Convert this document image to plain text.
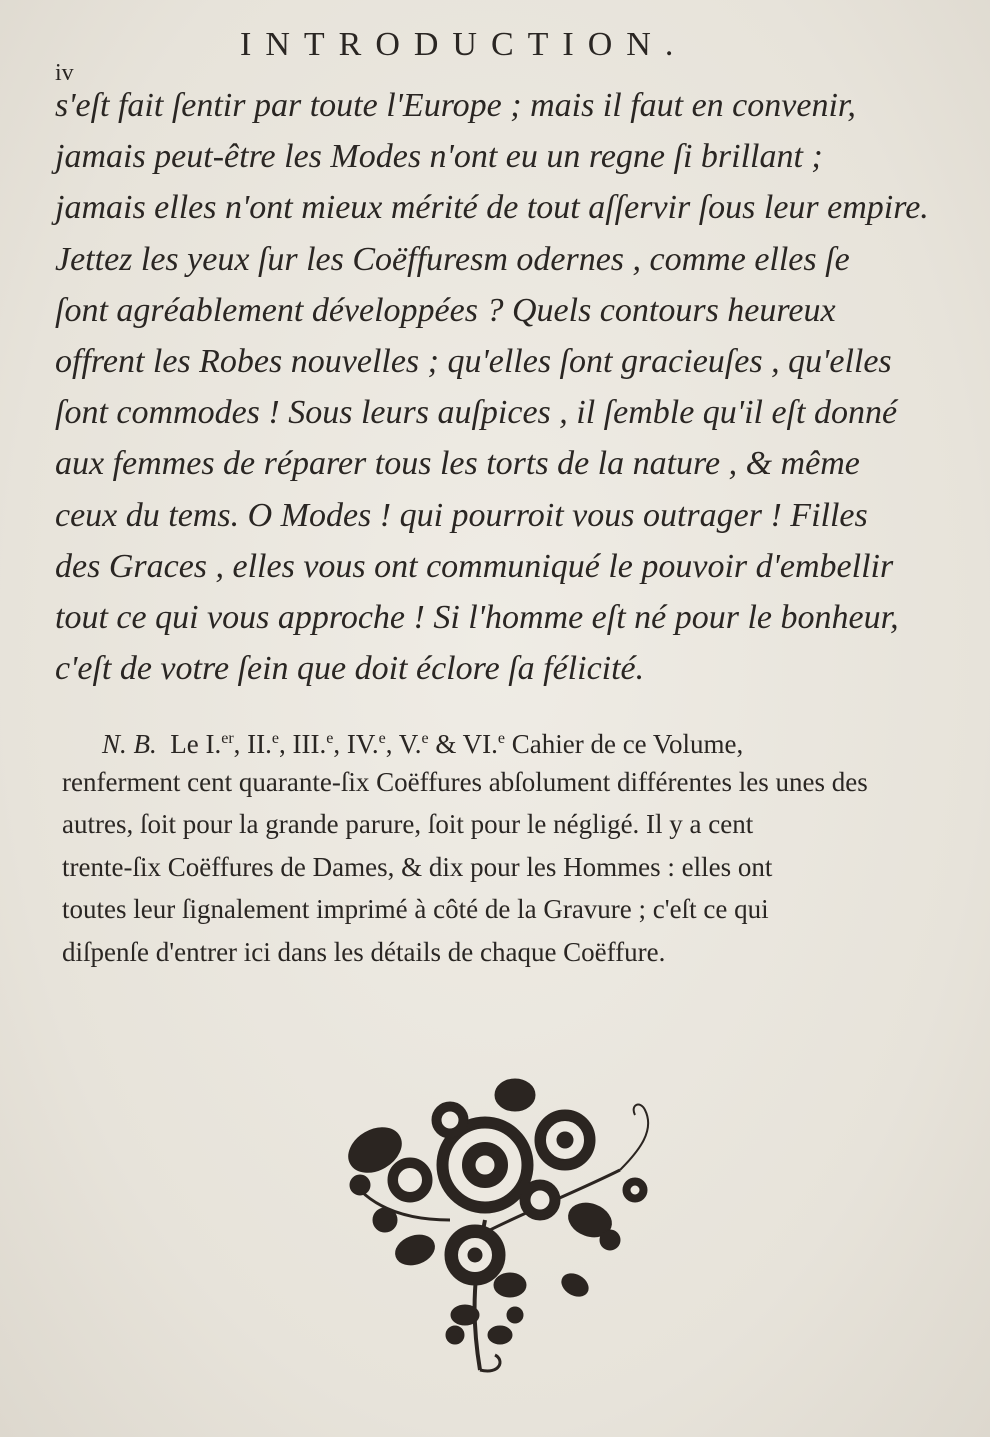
iv
INTRODUCTION.
s'eſt fait ſentir par toute l'Europe ; mais il faut en convenir,
jamais peut-être les Modes n'ont eu un regne ſi brillant ;
jamais elles n'ont mieux mérité de tout aſſervir ſous leur empire.
Jettez les yeux ſur les Coëffuresm odernes , comme elles ſe
ſont agréablement développées ? Quels contours heureux
offrent les Robes nouvelles ; qu'elles ſont gracieuſes , qu'elles
ſont commodes ! Sous leurs auſpices , il ſemble qu'il eſt donné
aux femmes de réparer tous les torts de la nature , & même
ceux du tems. O Modes ! qui pourroit vous outrager ! Filles
des Graces , elles vous ont communiqué le pouvoir d'embellir
tout ce qui vous approche ! Si l'homme eſt né pour le bonheur,
c'eſt de votre ſein que doit éclore ſa félicité.
N. B. Le I.$^{er}$, II.$^e$, III.$^e$, IV.$^e$, V.$^e$ & VI.$^e$ Cahier de ce Volume,
renferment cent quarante-ſix Coëffures abſolument différentes les unes des
autres, ſoit pour la grande parure, ſoit pour le négligé. Il y a cent
trente-ſix Coëffures de Dames, & dix pour les Hommes : elles ont
toutes leur ſignalement imprimé à côté de la Gravure ; c'eſt ce qui
diſpenſe d'entrer ici dans les détails de chaque Coëffure.
